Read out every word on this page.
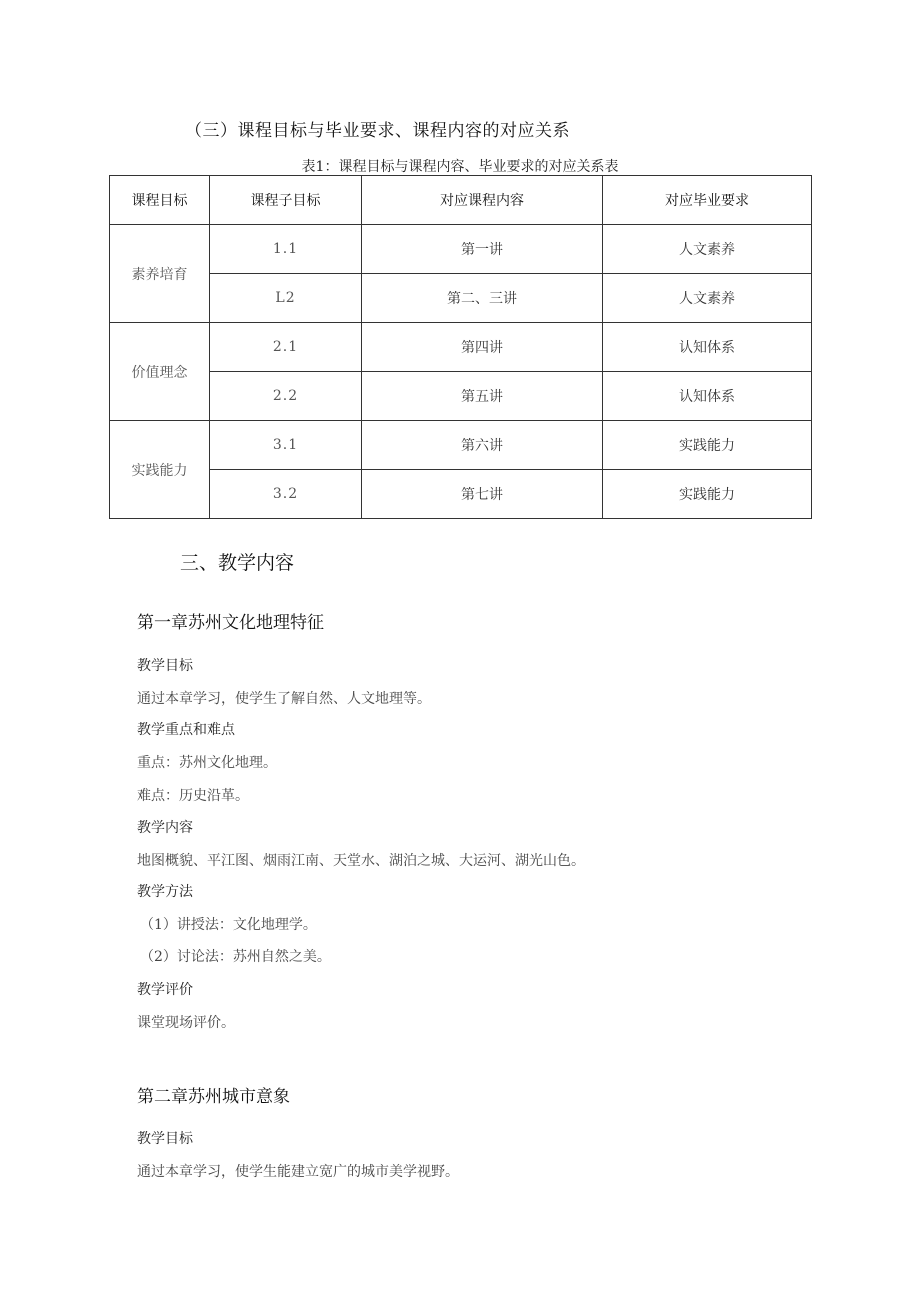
（三）课程目标与毕业要求、课程内容的对应关系
表1：课程目标与课程内容、毕业要求的对应关系表
课程目标	课程子目标	对应课程内容	对应毕业要求
素养培育	1.1	第一讲	人文素养
	L2	第二、三讲	人文素养
价值理念	2.1	第四讲	认知体系
	2.2	第五讲	认知体系
实践能力	3.1	第六讲	实践能力
	3.2	第七讲	实践能力
三、教学内容
第一章苏州文化地理特征
教学目标
通过本章学习，使学生了解自然、人文地理等。
教学重点和难点
重点：苏州文化地理。
难点：历史沿革。
教学内容
地图概貌、平江图、烟雨江南、天堂水、湖泊之城、大运河、湖光山色。
教学方法
（1）讲授法：文化地理学。
（2）讨论法：苏州自然之美。
教学评价
课堂现场评价。
第二章苏州城市意象
教学目标
通过本章学习，使学生能建立宽广的城市美学视野。
